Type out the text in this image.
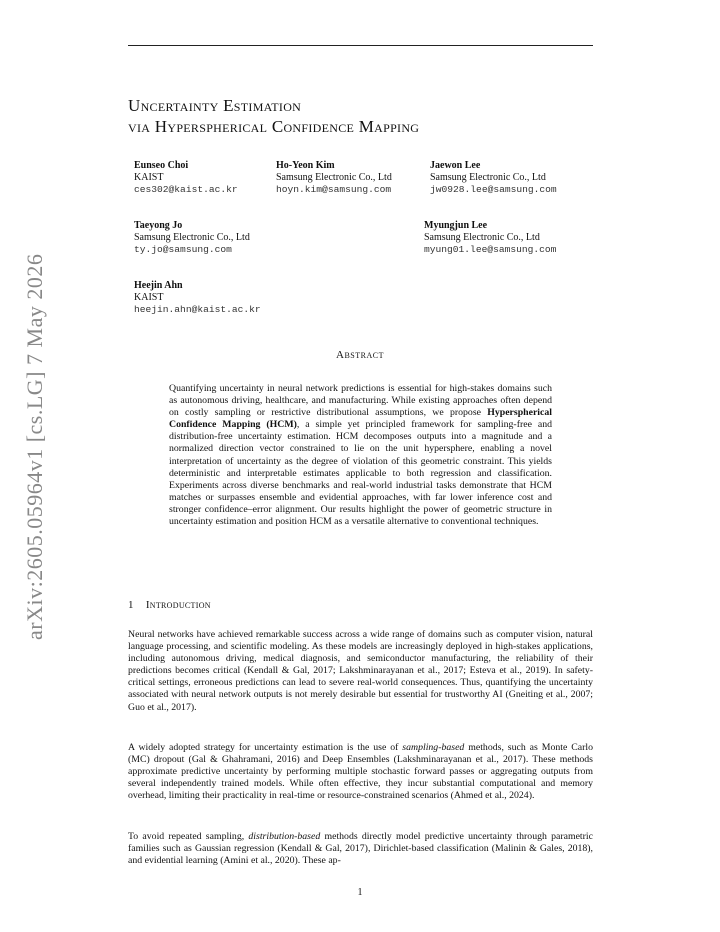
arXiv:2605.05964v1 [cs.LG] 7 May 2026
Uncertainty Estimation
via Hyperspherical Confidence Mapping
Eunseo Choi
KAIST
ces302@kaist.ac.kr
Ho-Yeon Kim
Samsung Electronic Co., Ltd
hoyn.kim@samsung.com
Jaewon Lee
Samsung Electronic Co., Ltd
jw0928.lee@samsung.com
Taeyong Jo
Samsung Electronic Co., Ltd
ty.jo@samsung.com
Myungjun Lee
Samsung Electronic Co., Ltd
myung01.lee@samsung.com
Heejin Ahn
KAIST
heejin.ahn@kaist.ac.kr
Abstract
Quantifying uncertainty in neural network predictions is essential for high-stakes domains such as autonomous driving, healthcare, and manufacturing. While existing approaches often depend on costly sampling or restrictive distributional assumptions, we propose Hyperspherical Confidence Mapping (HCM), a simple yet principled framework for sampling-free and distribution-free uncertainty estimation. HCM decomposes outputs into a magnitude and a normalized direction vector constrained to lie on the unit hypersphere, enabling a novel interpretation of uncertainty as the degree of violation of this geometric constraint. This yields deterministic and interpretable estimates applicable to both regression and classification. Experiments across diverse benchmarks and real-world industrial tasks demonstrate that HCM matches or surpasses ensemble and evidential approaches, with far lower inference cost and stronger confidence–error alignment. Our results highlight the power of geometric structure in uncertainty estimation and position HCM as a versatile alternative to conventional techniques.
1 Introduction
Neural networks have achieved remarkable success across a wide range of domains such as computer vision, natural language processing, and scientific modeling. As these models are increasingly deployed in high-stakes applications, including autonomous driving, medical diagnosis, and semiconductor manufacturing, the reliability of their predictions becomes critical (Kendall & Gal, 2017; Lakshminarayanan et al., 2017; Esteva et al., 2019). In safety-critical settings, erroneous predictions can lead to severe real-world consequences. Thus, quantifying the uncertainty associated with neural network outputs is not merely desirable but essential for trustworthy AI (Gneiting et al., 2007; Guo et al., 2017).
A widely adopted strategy for uncertainty estimation is the use of sampling-based methods, such as Monte Carlo (MC) dropout (Gal & Ghahramani, 2016) and Deep Ensembles (Lakshminarayanan et al., 2017). These methods approximate predictive uncertainty by performing multiple stochastic forward passes or aggregating outputs from several independently trained models. While often effective, they incur substantial computational and memory overhead, limiting their practicality in real-time or resource-constrained scenarios (Ahmed et al., 2024).
To avoid repeated sampling, distribution-based methods directly model predictive uncertainty through parametric families such as Gaussian regression (Kendall & Gal, 2017), Dirichlet-based classification (Malinin & Gales, 2018), and evidential learning (Amini et al., 2020). These ap-
1
